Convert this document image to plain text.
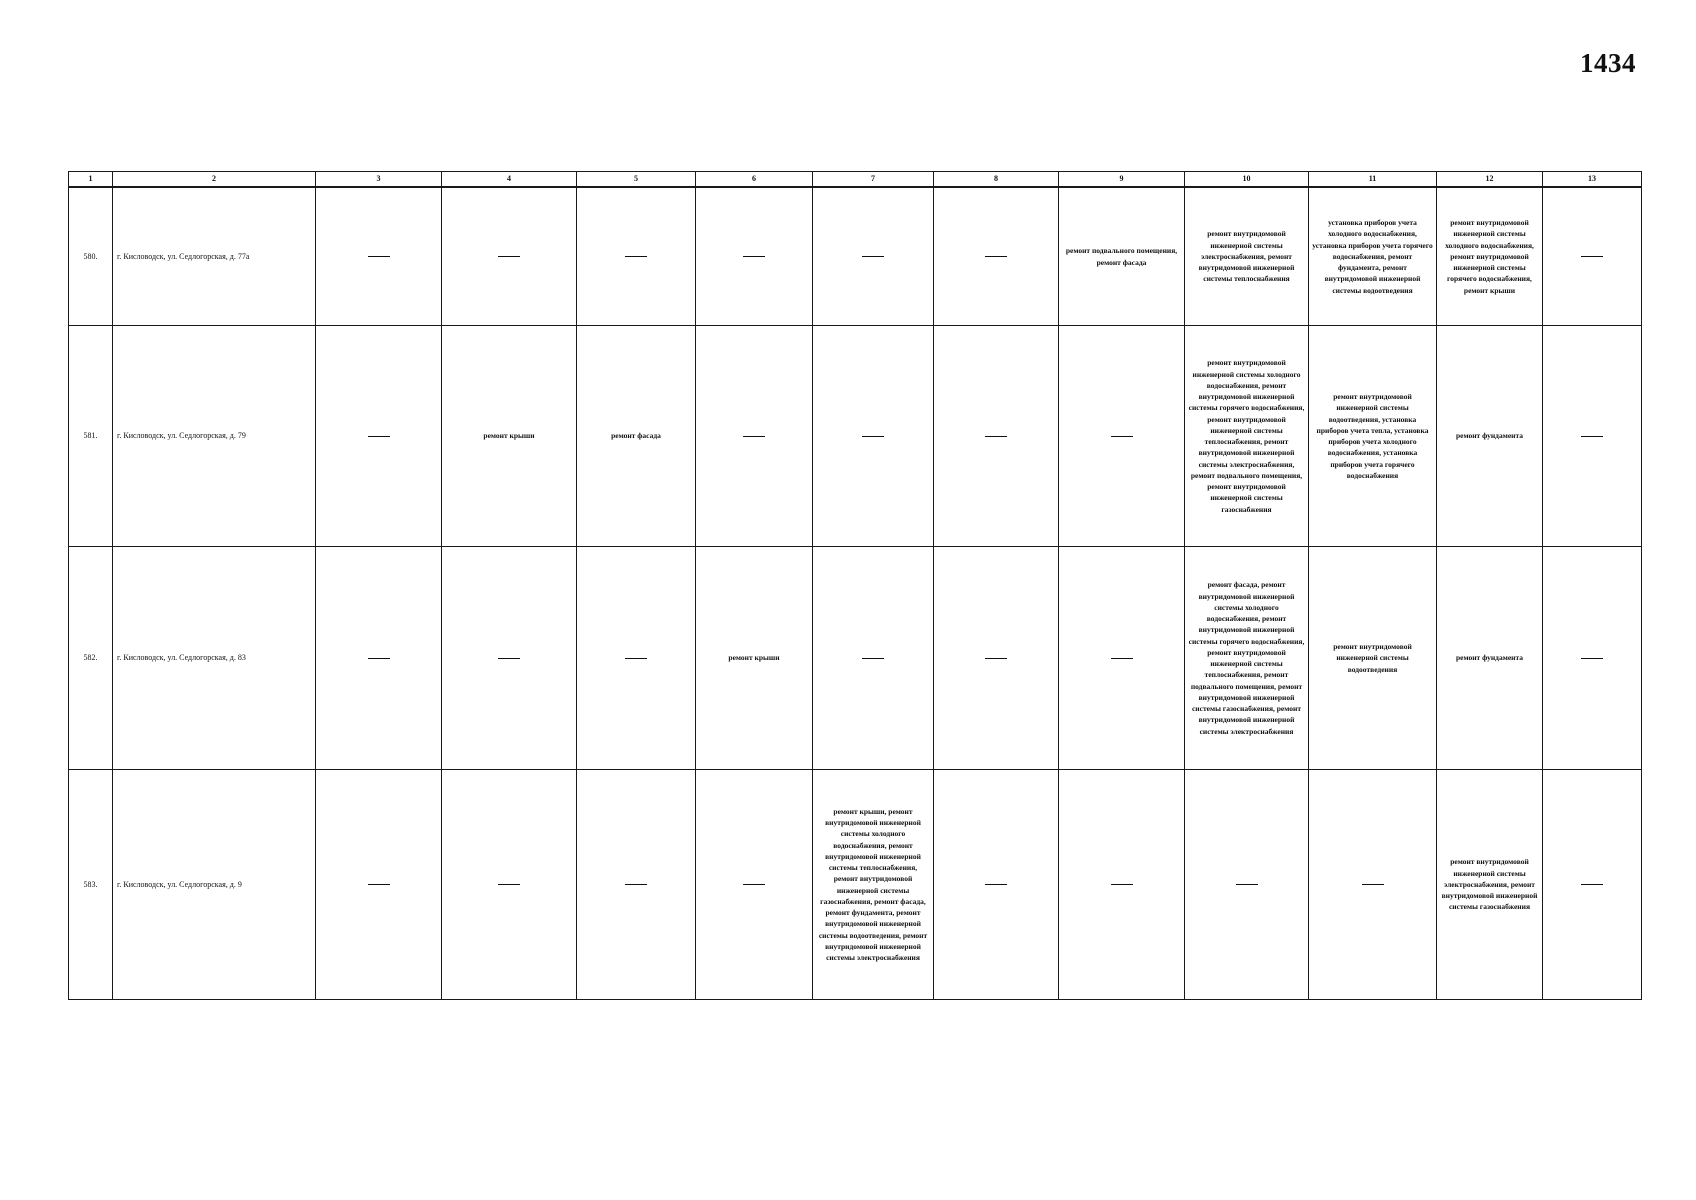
1434
1	2	3	4	5	6	7	8	9	10	11	12	13
580.	г. Кисловодск, ул. Седлогорская, д. 77а							ремонт подвального помещения, ремонт фасада	ремонт внутридомовой инженерной системы электроснабжения, ремонт внутридомовой инженерной системы теплоснабжения	установка приборов учета холодного водоснабжения, установка приборов учета горячего водоснабжения, ремонт фундамента, ремонт внутридомовой инженерной системы водоотведения	ремонт внутридомовой инженерной системы холодного водоснабжения, ремонт внутридомовой инженерной системы горячего водоснабжения, ремонт крыши

581.	г. Кисловодск, ул. Седлогорская, д. 79		ремонт крыши	ремонт фасада					ремонт внутридомовой инженерной системы холодного водоснабжения, ремонт внутридомовой инженерной системы горячего водоснабжения, ремонт внутридомовой инженерной системы теплоснабжения, ремонт внутридомовой инженерной системы электроснабжения, ремонт подвального помещения, ремонт внутридомовой инженерной системы газоснабжения	ремонт внутридомовой инженерной системы водоотведения, установка приборов учета тепла, установка приборов учета холодного водоснабжения, установка приборов учета горячего водоснабжения	ремонт фундамента

582.	г. Кисловодск, ул. Седлогорская, д. 83				ремонт крыши				ремонт фасада, ремонт внутридомовой инженерной системы холодного водоснабжения, ремонт внутридомовой инженерной системы горячего водоснабжения, ремонт внутридомовой инженерной системы теплоснабжения, ремонт подвального помещения, ремонт внутридомовой инженерной системы газоснабжения, ремонт внутридомовой инженерной системы электроснабжения	ремонт внутридомовой инженерной системы водоотведения	ремонт фундамента

583.	г. Кисловодск, ул. Седлогорская, д. 9					ремонт крыши, ремонт внутридомовой инженерной системы холодного водоснабжения, ремонт внутридомовой инженерной системы теплоснабжения, ремонт внутридомовой инженерной системы газоснабжения, ремонт фасада, ремонт фундамента, ремонт внутридомовой инженерной системы водоотведения, ремонт внутридомовой инженерной системы электроснабжения					ремонт внутридомовой инженерной системы электроснабжения, ремонт внутридомовой инженерной системы газоснабжения
